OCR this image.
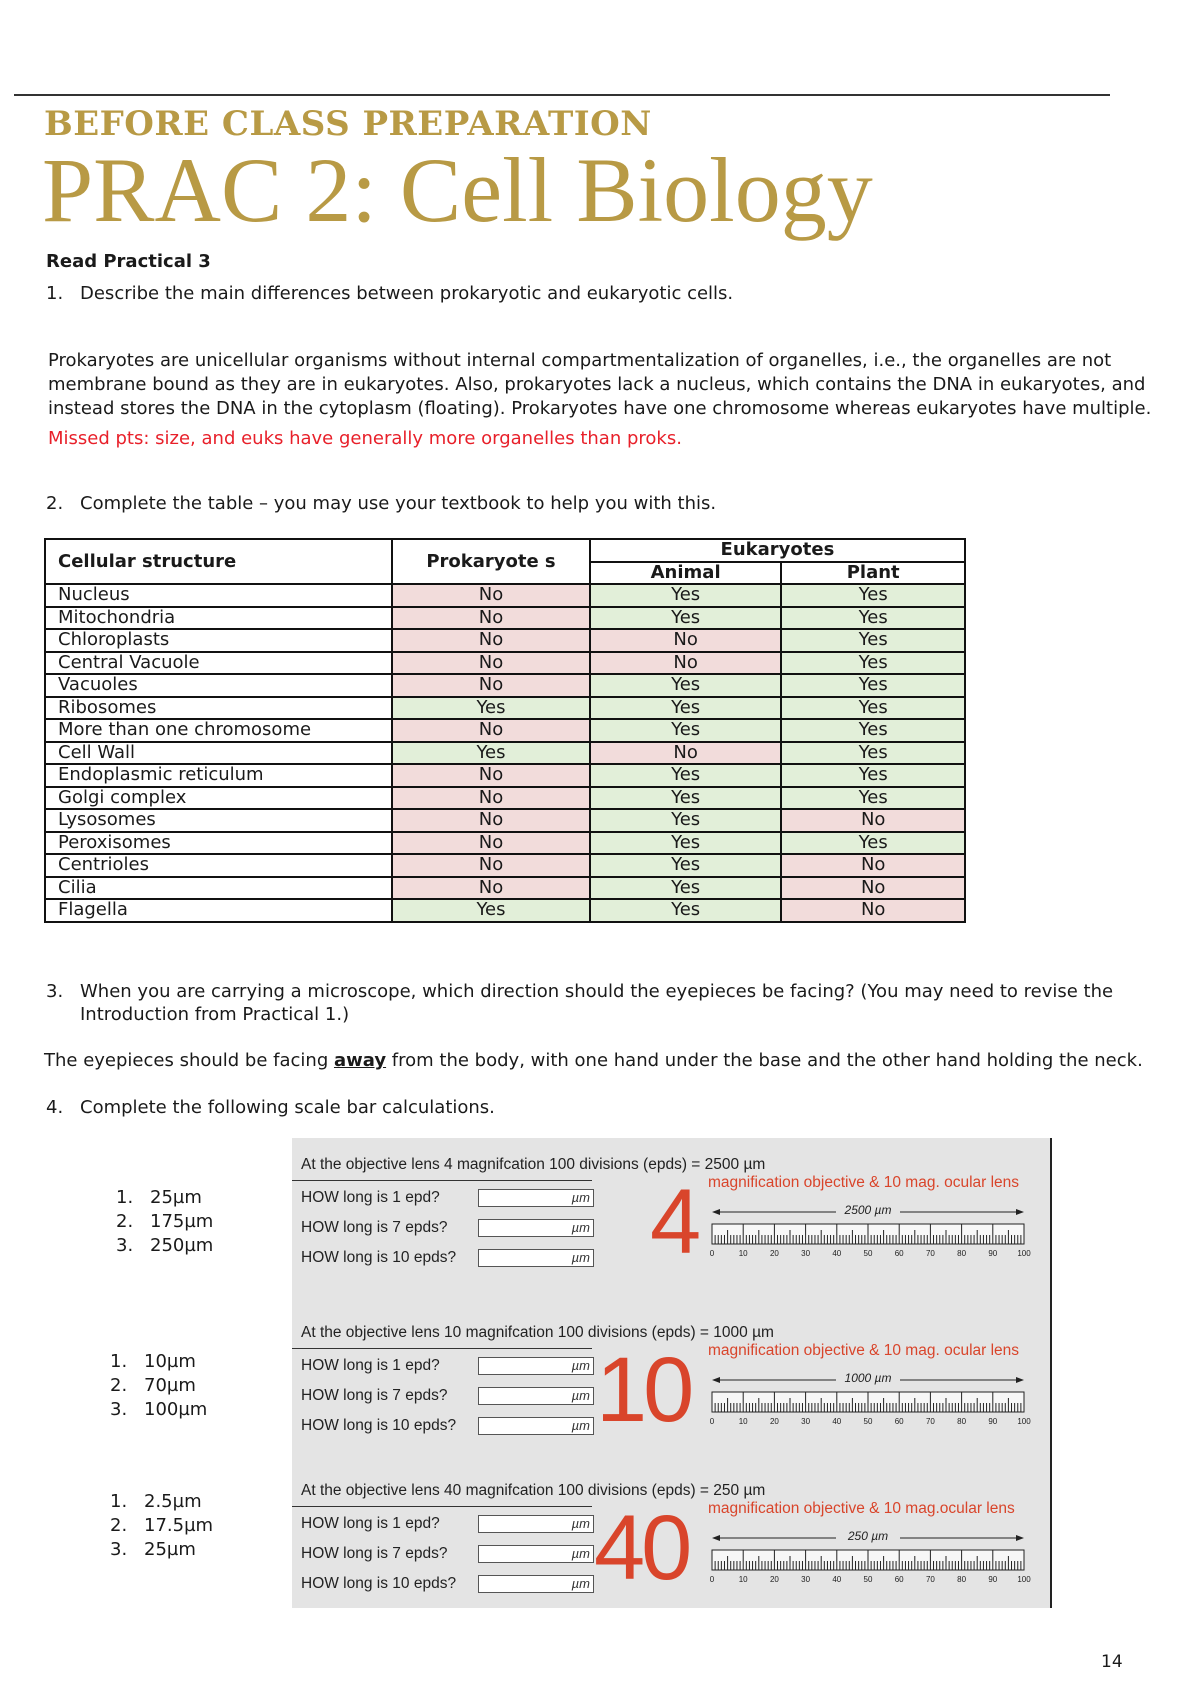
BEFORE CLASS PREPARATION
PRAC 2: Cell Biology
Read Practical 3
1. Describe the main differences between prokaryotic and eukaryotic cells.
Prokaryotes are unicellular organisms without internal compartmentalization of organelles, i.e., the organelles are not membrane bound as they are in eukaryotes. Also, prokaryotes lack a nucleus, which contains the DNA in eukaryotes, and instead stores the DNA in the cytoplasm (floating). Prokaryotes have one chromosome whereas eukaryotes have multiple.
Missed pts: size, and euks have generally more organelles than proks.
2. Complete the table – you may use your textbook to help you with this.
Cellular structure	Prokaryote s	Eukaryotes	
		Animal	Plant
Nucleus	No	Yes	Yes
Mitochondria	No	Yes	Yes
Chloroplasts	No	No	Yes
Central Vacuole	No	No	Yes
Vacuoles	No	Yes	Yes
Ribosomes	Yes	Yes	Yes
More than one chromosome	No	Yes	Yes
Cell Wall	Yes	No	Yes
Endoplasmic reticulum	No	Yes	Yes
Golgi complex	No	Yes	Yes
Lysosomes	No	Yes	No
Peroxisomes	No	Yes	Yes
Centrioles	No	Yes	No
Cilia	No	Yes	No
Flagella	Yes	Yes	No
3. When you are carrying a microscope, which direction should the eyepieces be facing? (You may need to revise the
Introduction from Practical 1.)
The eyepieces should be facing away from the body, with one hand under the base and the other hand holding the neck.
4. Complete the following scale bar calculations.
1. 25µm
2. 175µm
3. 250µm
1. 10µm
2. 70µm
3. 100µm
1. 2.5µm
2. 17.5µm
3. 25µm
At the objective lens 4 magnifcation 100 divisions (epds) = 2500 µm
HOW long is 1 epd?	µm
HOW long is 7 epds?	µm
HOW long is 10 epds?	µm 4 magnification objective & 10 mag. ocular lens
2500 µm
0	10	20	30	40	50	60	70	80	90	100
At the objective lens 10 magnifcation 100 divisions (epds) = 1000 µm
HOW long is 1 epd?	µm
HOW long is 7 epds?	µm
HOW long is 10 epds?	µm 10 magnification objective & 10 mag. ocular lens
1000 µm
0	10	20	30	40	50	60	70	80	90	100
At the objective lens 40 magnifcation 100 divisions (epds) = 250 µm
HOW long is 1 epd?	µm
HOW long is 7 epds?	µm
HOW long is 10 epds?	µm 40 magnification objective & 10 mag.ocular lens
250 µm
0	10	20	30	40	50	60	70	80	90	100
14
